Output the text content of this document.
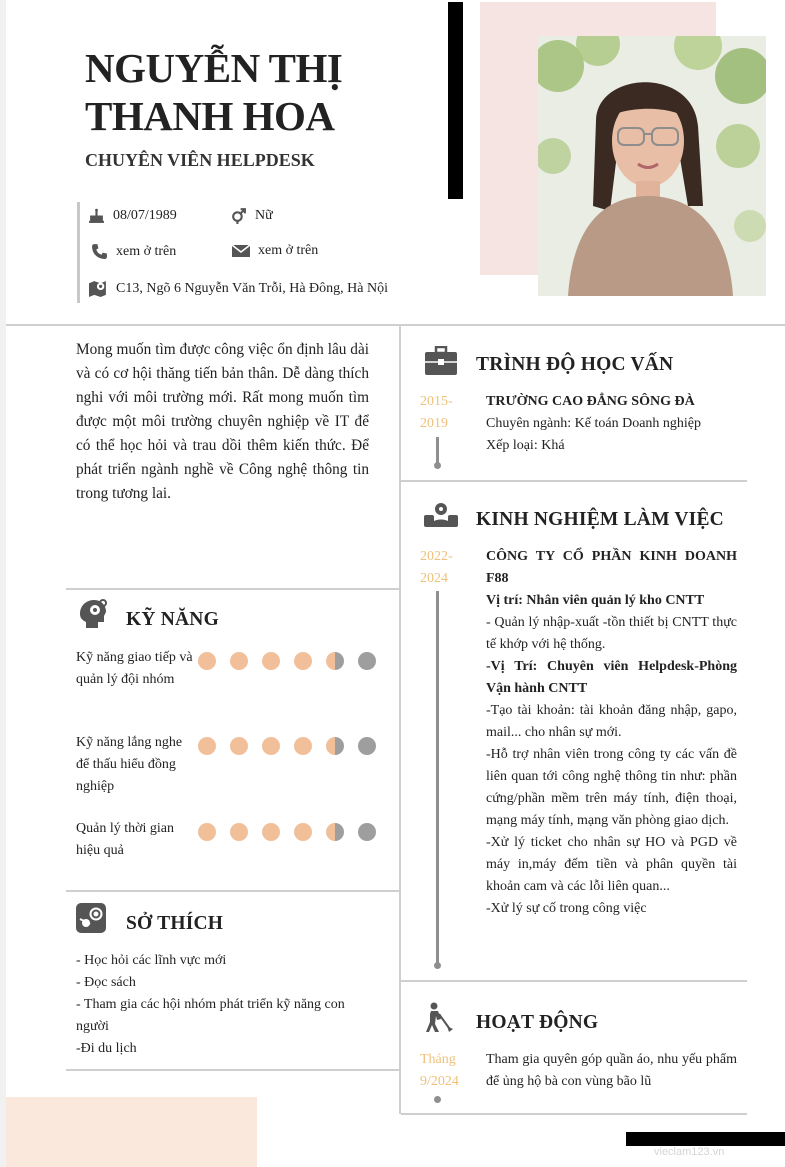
NGUYỄN THỊ
THANH HOA
CHUYÊN VIÊN HELPDESK
08/07/1989	Nữ
xem ở trên	xem ở trên
C13, Ngõ 6 Nguyễn Văn Trỗi, Hà Đông, Hà Nội
Mong muốn tìm được công việc ổn định lâu dài và có cơ hội thăng tiến bản thân. Dễ dàng thích nghi với môi trường mới. Rất mong muốn tìm được một môi trường chuyên nghiệp về IT để có thể học hỏi và trau dồi thêm kiến thức. Để phát triển ngành nghề về Công nghệ thông tin trong tương lai.
KỸ NĂNG
Kỹ năng giao tiếp và quản lý đội nhóm
Kỹ năng lắng nghe để thấu hiểu đồng nghiệp
Quản lý thời gian hiệu quả
SỞ THÍCH
- Học hỏi các lĩnh vực mới
- Đọc sách
- Tham gia các hội nhóm phát triển kỹ năng con người
-Đi du lịch
TRÌNH ĐỘ HỌC VẤN
2015-
2019
TRƯỜNG CAO ĐẲNG SÔNG ĐÀ
Chuyên ngành: Kế toán Doanh nghiệp
Xếp loại: Khá
KINH NGHIỆM LÀM VIỆC
2022-
2024
CÔNG TY CỔ PHẦN KINH DOANH F88
Vị trí: Nhân viên quản lý kho CNTT
- Quản lý nhập-xuất -tồn thiết bị CNTT thực tế khớp với hệ thống.
-Vị Trí: Chuyên viên Helpdesk-Phòng Vận hành CNTT
-Tạo tài khoản: tài khoản đăng nhập, gapo, mail... cho nhân sự mới.
-Hỗ trợ nhân viên trong công ty các vấn đề liên quan tới công nghệ thông tin như: phần cứng/phần mềm trên máy tính, điện thoại, mạng máy tính, mạng văn phòng giao dịch.
-Xử lý ticket cho nhân sự HO và PGD về máy in,máy đếm tiền và phân quyền tài khoản cam và các lỗi liên quan...
-Xử lý sự cố trong công việc
HOẠT ĐỘNG
Tháng
9/2024
Tham gia quyên góp quần áo, nhu yếu phẩm để ủng hộ bà con vùng bão lũ
vieclam123.vn
